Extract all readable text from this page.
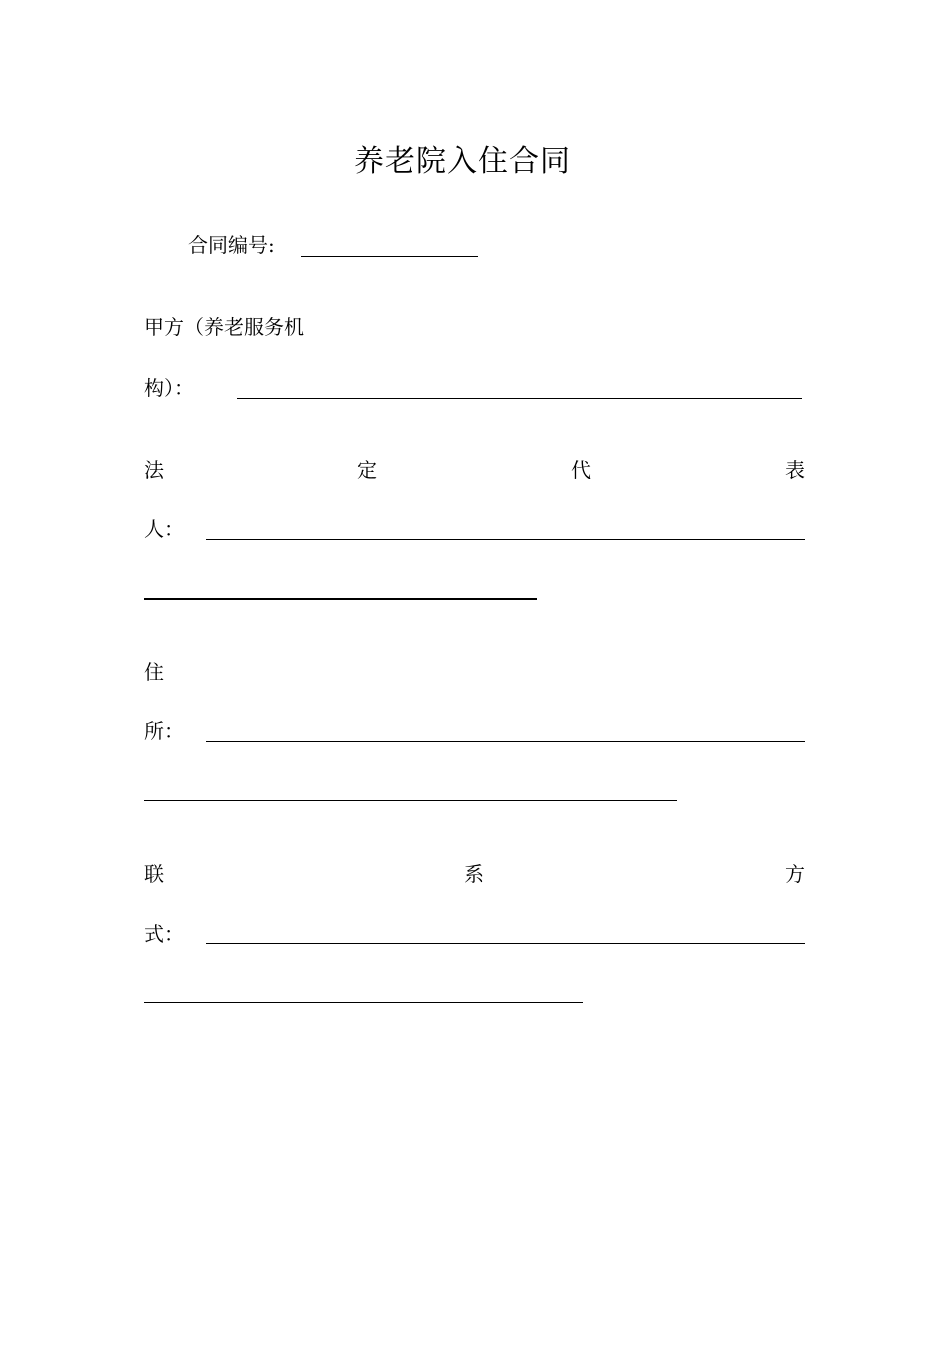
养老院入住合同
合同编号:
甲方（养老服务机
构）：
法	定	代	表
人：
住
所：
联	系	方
式：
